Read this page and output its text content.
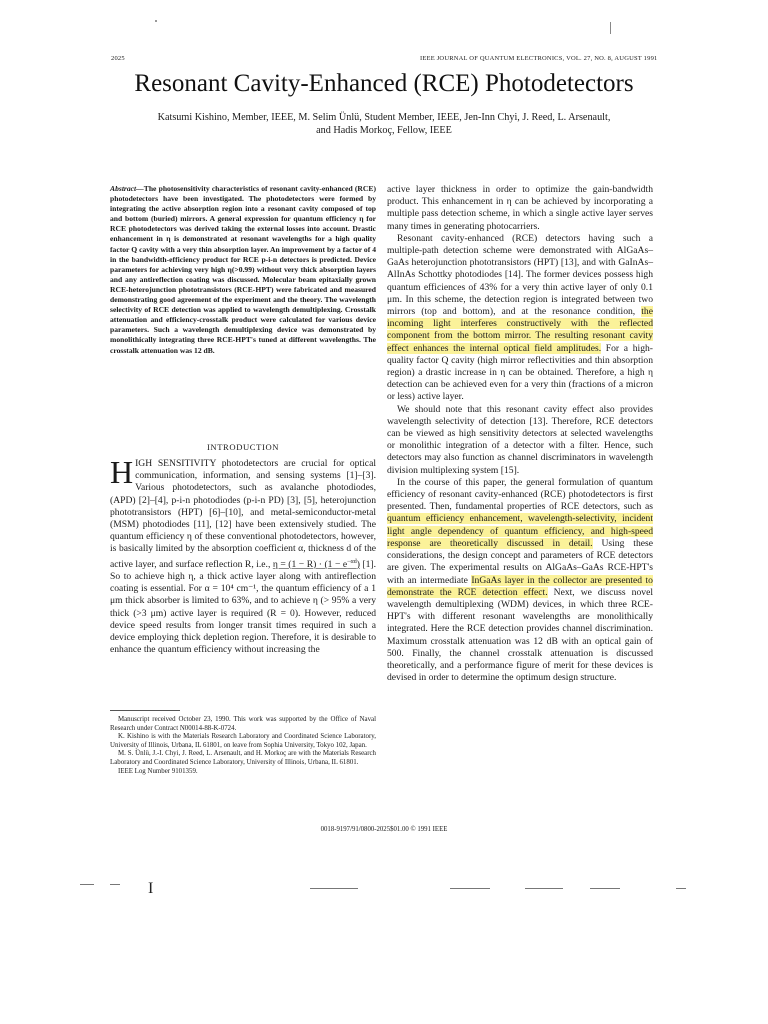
2025	IEEE JOURNAL OF QUANTUM ELECTRONICS, VOL. 27, NO. 8, AUGUST 1991
Resonant Cavity-Enhanced (RCE) Photodetectors
Katsumi Kishino, Member, IEEE, M. Selim Ünlü, Student Member, IEEE, Jen-Inn Chyi, J. Reed, L. Arsenault,
and Hadis Morkoç, Fellow, IEEE
Abstract—The photosensitivity characteristics of resonant cavity-enhanced (RCE) photodetectors have been investigated. The photodetectors were formed by integrating the active absorption region into a resonant cavity composed of top and bottom (buried) mirrors. A general expression for quantum efficiency η for RCE photodetectors was derived taking the external losses into account. Drastic enhancement in η is demonstrated at resonant wavelengths for a high quality factor Q cavity with a very thin absorption layer. An improvement by a factor of 4 in the bandwidth-efficiency product for RCE p-i-n detectors is predicted. Device parameters for achieving very high η(>0.99) without very thick absorption layers and any antireflection coating was discussed. Molecular beam epitaxially grown RCE-heterojunction phototransistors (RCE-HPT) were fabricated and measured demonstrating good agreement of the experiment and the theory. The wavelength selectivity of RCE detection was applied to wavelength demultiplexing. Crosstalk attenuation and efficiency-crosstalk product were calculated for various device parameters. Such a wavelength demultiplexing device was demonstrated by monolithically integrating three RCE-HPT's tuned at different wavelengths. The crosstalk attenuation was 12 dB.
INTRODUCTION

HIGH SENSITIVITY photodetectors are crucial for optical communication, information, and sensing systems [1]–[3]. Various photodetectors, such as avalanche photodiodes, (APD) [2]–[4], p-i-n photodiodes (p-i-n PD) [3], [5], heterojunction phototransistors (HPT) [6]–[10], and metal-semiconductor-metal (MSM) photodiodes [11], [12] have been extensively studied. The quantum efficiency η of these conventional photodetectors, however, is basically limited by the absorption coefficient α, thickness d of the active layer, and surface reflection R, i.e., $\eta = (1 - R) \cdot (1 - e^{-\alpha d})$ [1]. So to achieve high η, a thick active layer along with antireflection coating is essential. For α = 10⁴ cm⁻¹, the quantum efficiency of a 1 μm thick absorber is limited to 63%, and to achieve η (> 95% a very thick (>3 μm) active layer is required (R = 0). However, reduced device speed results from longer transit times required in such a device employing thick depletion region. Therefore, it is desirable to enhance the quantum efficiency without increasing the

Manuscript received October 23, 1990. This work was supported by the Office of Naval Research under Contract N00014-88-K-0724.

K. Kishino is with the Materials Research Laboratory and Coordinated Science Laboratory, University of Illinois, Urbana, IL 61801, on leave from Sophia University, Tokyo 102, Japan.

M. S. Ünlü, J.-I. Chyi, J. Reed, L. Arsenault, and H. Morkoç are with the Materials Research Laboratory and Coordinated Science Laboratory, University of Illinois, Urbana, IL 61801.

IEEE Log Number 9101359.

active layer thickness in order to optimize the gain-bandwidth product. This enhancement in η can be achieved by incorporating a multiple pass detection scheme, in which a single active layer serves many times in generating photocarriers.

Resonant cavity-enhanced (RCE) detectors having such a multiple-path detection scheme were demonstrated with AlGaAs–GaAs heterojunction phototransistors (HPT) [13], and with GaInAs–AlInAs Schottky photodiodes [14]. The former devices possess high quantum efficiences of 43% for a very thin active layer of only 0.1 μm. In this scheme, the detection region is integrated between two mirrors (top and bottom), and at the resonance condition, the incoming light interferes constructively with the reflected component from the bottom mirror. The resulting resonant cavity effect enhances the internal optical field amplitudes. For a high-quality factor Q cavity (high mirror reflectivities and thin absorption region) a drastic increase in η can be obtained. Therefore, a high η detection can be achieved even for a very thin (fractions of a micron or less) active layer.

We should note that this resonant cavity effect also provides wavelength selectivity of detection [13]. Therefore, RCE detectors can be viewed as high sensitivity detectors at selected wavelengths or monolithic integration of a detector with a filter. Hence, such detectors may also function as channel discriminators in wavelength division multiplexing system [15].

In the course of this paper, the general formulation of quantum efficiency of resonant cavity-enhanced (RCE) photodetectors is first presented. Then, fundamental properties of RCE detectors, such as quantum efficiency enhancement, wavelength-selectivity, incident light angle dependency of quantum efficiency, and high-speed response are theoretically discussed in detail. Using these considerations, the design concept and parameters of RCE detectors are given. The experimental results on AlGaAs–GaAs RCE-HPT's with an intermediate InGaAs layer in the collector are presented to demonstrate the RCE detection effect. Next, we discuss novel wavelength demultiplexing (WDM) devices, in which three RCE-HPT's with different resonant wavelengths are monolithically integrated. Here the RCE detection provides channel discrimination. Maximum crosstalk attenuation was 12 dB with an optical gain of 500. Finally, the channel crosstalk attenuation is discussed theoretically, and a performance figure of merit for these devices is devised in order to determine the optimum design structure.

0018-9197/91/0800-2025$01.00 © 1991 IEEE
Ι
